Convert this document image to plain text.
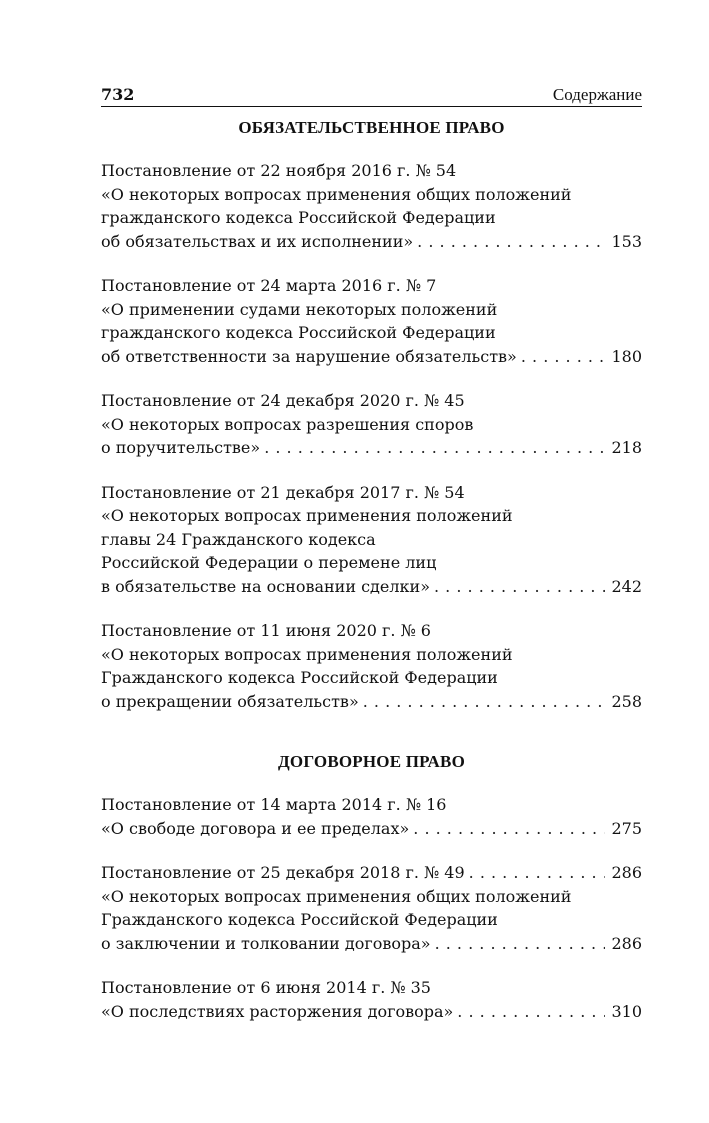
732	Содержание
ОБЯЗАТЕЛЬСТВЕННОЕ ПРАВО
Постановление от 22 ноября 2016 г. № 54
«О некоторых вопросах применения общих положений
гражданского кодекса Российской Федерации
об обязательствах и их исполнении» . . .	153
Постановление от 24 марта 2016 г. № 7
«О применении судами некоторых положений
гражданского кодекса Российской Федерации
об ответственности за нарушение обязательств» . . .	180
Постановление от 24 декабря 2020 г. № 45
«О некоторых вопросах разрешения споров
о поручительстве» . . .	218
Постановление от 21 декабря 2017 г. № 54
«О некоторых вопросах применения положений
главы 24 Гражданского кодекса
Российской Федерации о перемене лиц
в обязательстве на основании сделки» . . .	242
Постановление от 11 июня 2020 г. № 6
«О некоторых вопросах применения положений
Гражданского кодекса Российской Федерации
о прекращении обязательств» . . .	258
ДОГОВОРНОЕ ПРАВО
Постановление от 14 марта 2014 г. № 16
«О свободе договора и ее пределах» . . .	275
Постановление от 25 декабря 2018 г. № 49 . . .	286
«О некоторых вопросах применения общих положений
Гражданского кодекса Российской Федерации
о заключении и толковании договора» . . .	286
Постановление от 6 июня 2014 г. № 35
«О последствиях расторжения договора» . . .	310
